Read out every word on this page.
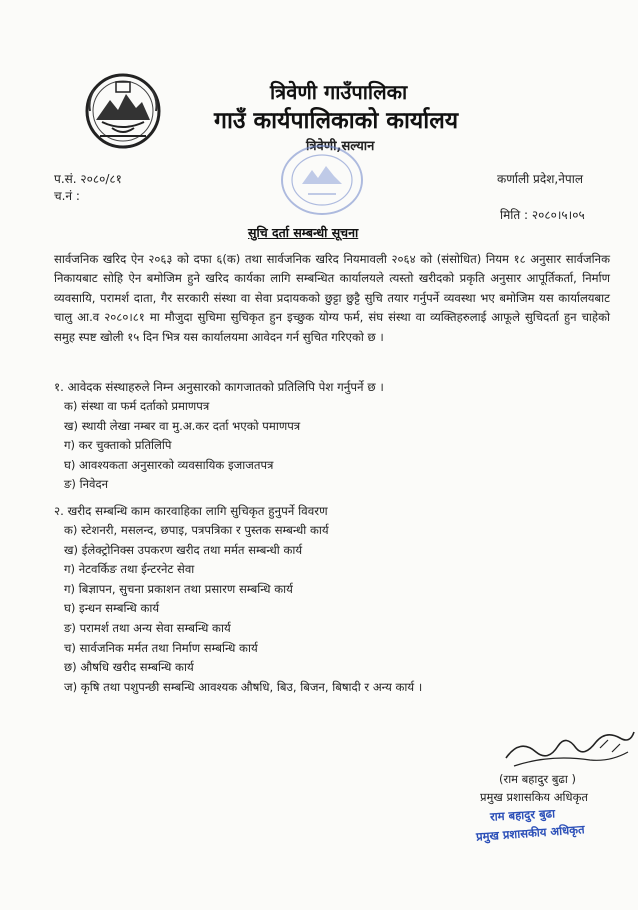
त्रिवेणी गाउँपालिका
गाउँ कार्यपालिकाको कार्यालय
त्रिवेणी,सल्यान
प.सं. २०८०/८१
च.नं :
कर्णाली प्रदेश,नेपाल
मिति : २०८०।५।०५
सुचि दर्ता सम्बन्धी सूचना

सार्वजनिक खरिद ऐन २०६३ को दफा ६(क) तथा सार्वजनिक खरिद नियमावली २०६४ को (संसोधित) नियम १८ अनुसार सार्वजनिक निकायबाट सोहि ऐन बमोजिम हुने खरिद कार्यका लागि सम्बन्धित कार्यालयले त्यस्तो खरीदको प्रकृति अनुसार आपूर्तिकर्ता, निर्माण व्यवसायि, परामर्श दाता, गैर सरकारी संस्था वा सेवा प्रदायकको छुट्टा छुट्टै सुचि तयार गर्नुपर्ने व्यवस्था भए बमोजिम यस कार्यालयबाट चालु आ.व २०८०।८१ मा मौजुदा सुचिमा सुचिकृत हुन इच्छुक योग्य फर्म, संघ संस्था वा व्यक्तिहरुलाई आफूले सुचिदर्ता हुन चाहेको समुह स्पष्ट खोली १५ दिन भित्र यस कार्यालयमा आवेदन गर्न सुचित गरिएको छ ।

१. आवेदक संस्थाहरुले निम्न अनुसारको कागजातको प्रतिलिपि पेश गर्नुपर्ने छ ।
क) संस्था वा फर्म दर्ताको प्रमाणपत्र
ख) स्थायी लेखा नम्बर वा मु.अ.कर दर्ता भएको पमाणपत्र
ग) कर चुक्ताको प्रतिलिपि
घ) आवश्यकता अनुसारको व्यवसायिक इजाजतपत्र
ङ) निवेदन
२. खरीद सम्बन्धि काम कारवाहिका लागि सुचिकृत हुनुपर्ने विवरण
क) स्टेशनरी, मसलन्द, छपाइ, पत्रपत्रिका र पुस्तक सम्बन्धी कार्य
ख) ईलेक्ट्रोनिक्स उपकरण खरीद तथा मर्मत सम्बन्धी कार्य
ग) नेटवर्किङ तथा ईन्टरनेट सेवा
ग) बिज्ञापन, सुचना प्रकाशन तथा प्रसारण सम्बन्धि कार्य
घ) इन्धन सम्बन्धि कार्य
ङ) परामर्श तथा अन्य सेवा सम्बन्धि कार्य
च) सार्वजनिक मर्मत तथा निर्माण सम्बन्धि कार्य
छ) औषधि खरीद सम्बन्धि कार्य
ज) कृषि तथा पशुपन्छी सम्बन्धि आवश्यक औषधि, बिउ, बिजन, बिषादी र अन्य कार्य ।
(राम बहादुर बुढा )
प्रमुख प्रशासकिय अधिकृत
राम बहादुर बुढा
प्रमुख प्रशासकीय अधिकृत
